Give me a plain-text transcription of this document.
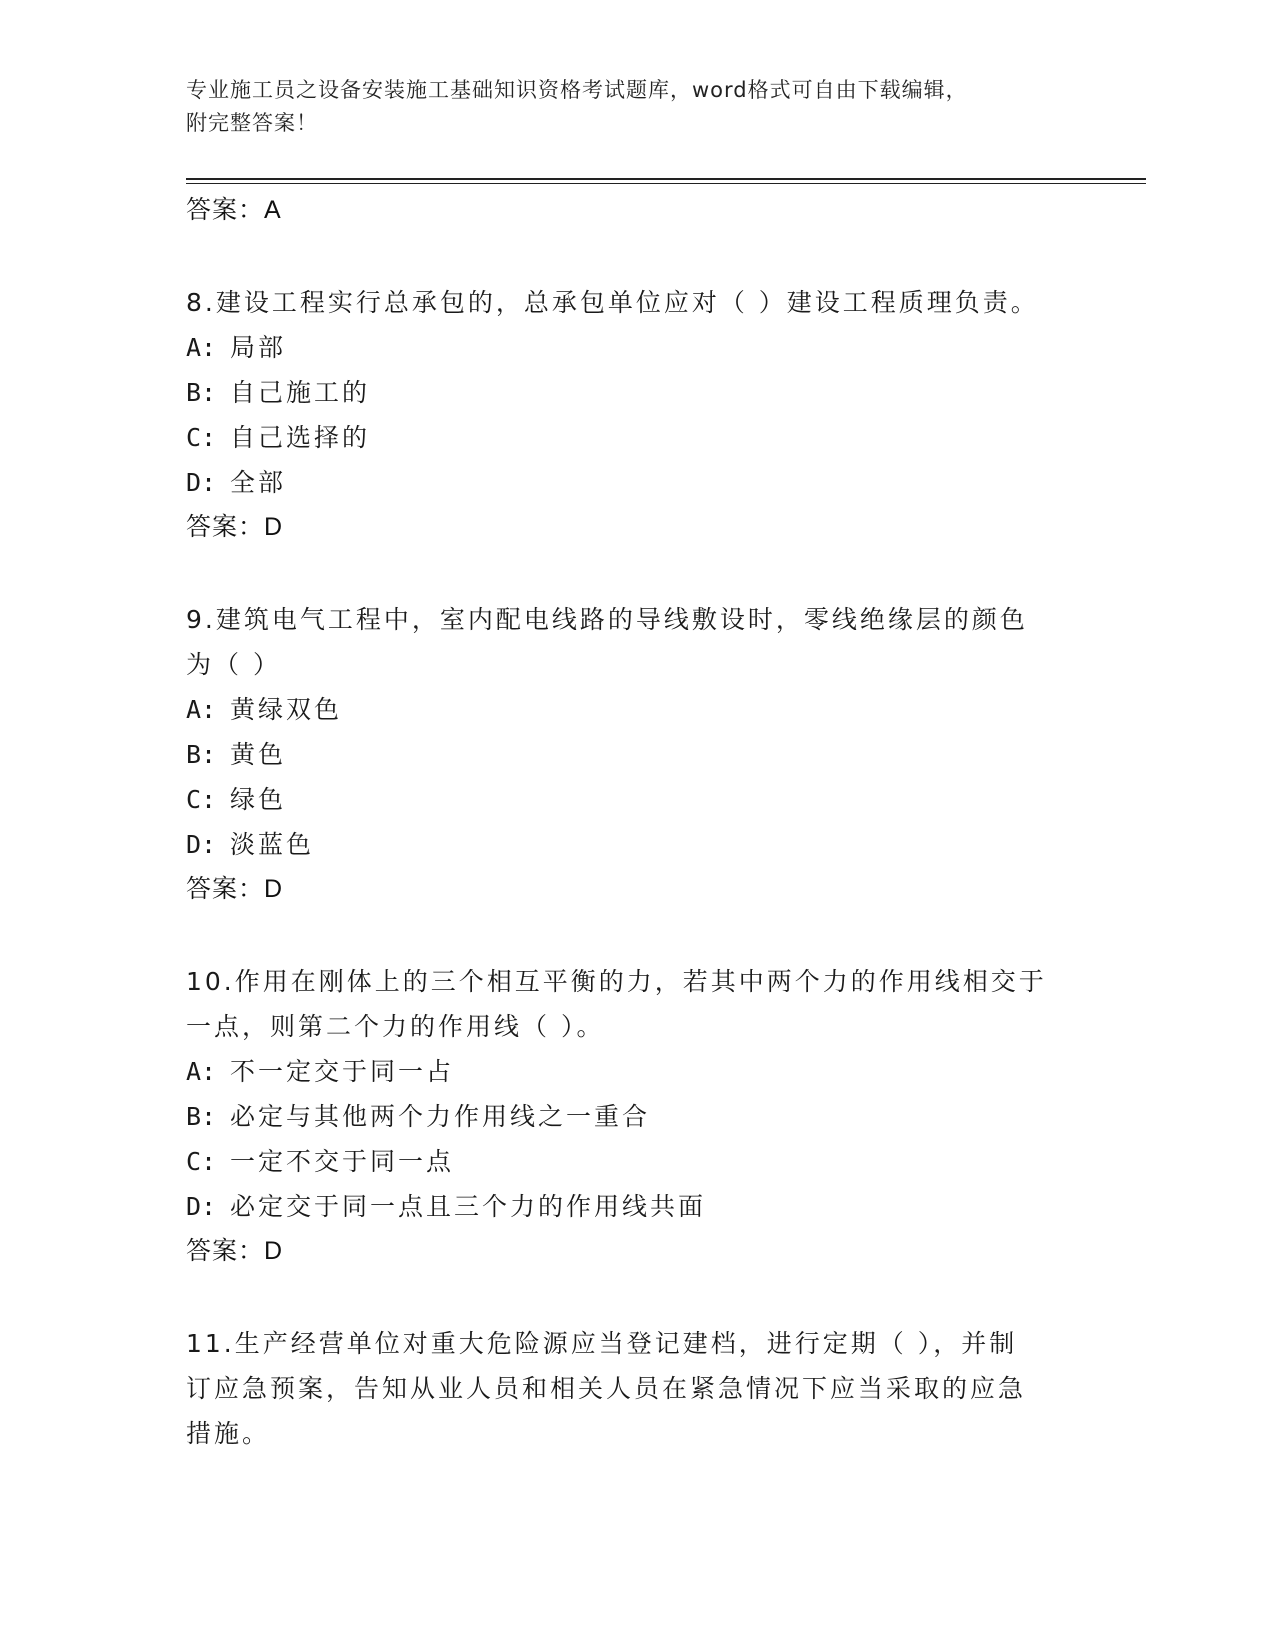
专业施工员之设备安装施工基础知识资格考试题库，word格式可自由下载编辑，
附完整答案！
答案：A
8.建设工程实行总承包的，总承包单位应对（ ）建设工程质理负责。
A: 局部
B: 自己施工的
C: 自己选择的
D: 全部
答案：D
9.建筑电气工程中，室内配电线路的导线敷设时，零线绝缘层的颜色
为（ ）
A: 黄绿双色
B: 黄色
C: 绿色
D: 淡蓝色
答案：D
10.作用在刚体上的三个相互平衡的力，若其中两个力的作用线相交于
一点，则第二个力的作用线（ ）。
A: 不一定交于同一占
B: 必定与其他两个力作用线之一重合
C: 一定不交于同一点
D: 必定交于同一点且三个力的作用线共面
答案：D
11.生产经营单位对重大危险源应当登记建档，进行定期（ ），并制
订应急预案，告知从业人员和相关人员在紧急情况下应当采取的应急
措施。
